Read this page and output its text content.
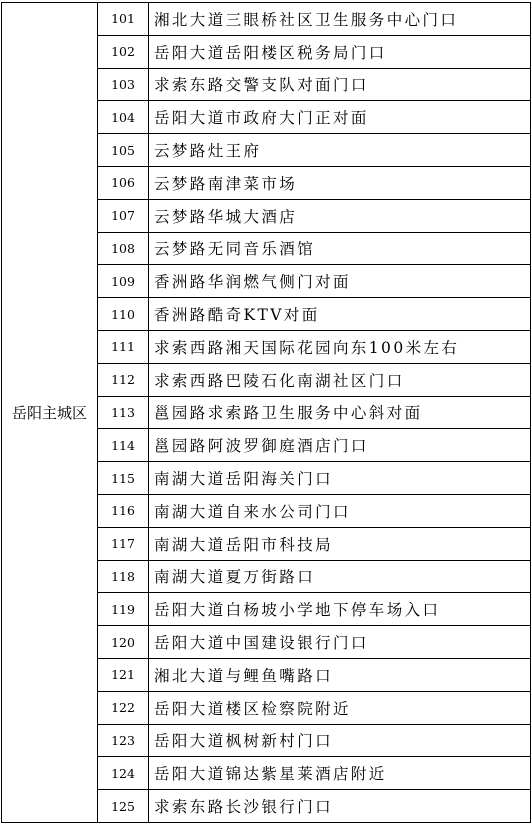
岳阳主城区	101	湘北大道三眼桥社区卫生服务中心门口
	102	岳阳大道岳阳楼区税务局门口
	103	求索东路交警支队对面门口
	104	岳阳大道市政府大门正对面
	105	云梦路灶王府
	106	云梦路南津菜市场
	107	云梦路华城大酒店
	108	云梦路无同音乐酒馆
	109	香洲路华润燃气侧门对面
	110	香洲路酷奇KTV对面
	111	求索西路湘天国际花园向东100米左右
	112	求索西路巴陵石化南湖社区门口
	113	邕园路求索路卫生服务中心斜对面
	114	邕园路阿波罗御庭酒店门口
	115	南湖大道岳阳海关门口
	116	南湖大道自来水公司门口
	117	南湖大道岳阳市科技局
	118	南湖大道夏万街路口
	119	岳阳大道白杨坡小学地下停车场入口
	120	岳阳大道中国建设银行门口
	121	湘北大道与鲤鱼嘴路口
	122	岳阳大道楼区检察院附近
	123	岳阳大道枫树新村门口
	124	岳阳大道锦达紫星莱酒店附近
	125	求索东路长沙银行门口
